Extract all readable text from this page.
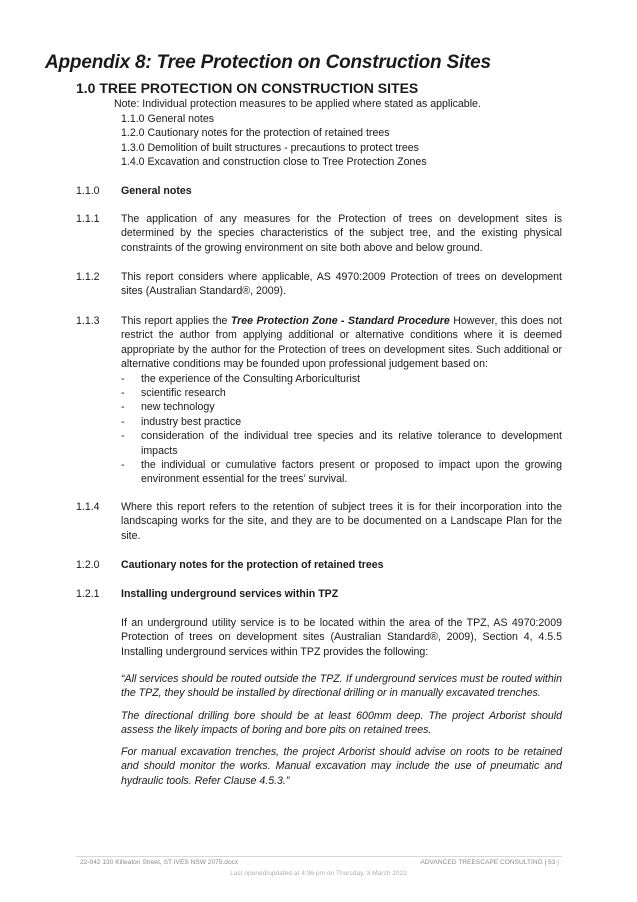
Appendix 8: Tree Protection on Construction Sites
1.0 TREE PROTECTION ON CONSTRUCTION SITES
Note: Individual protection measures to be applied where stated as applicable.
1.1.0 General notes
1.2.0 Cautionary notes for the protection of retained trees
1.3.0 Demolition of built structures - precautions to protect trees
1.4.0 Excavation and construction close to Tree Protection Zones
1.1.0	General notes
1.1.1	The application of any measures for the Protection of trees on development sites is determined by the species characteristics of the subject tree, and the existing physical constraints of the growing environment on site both above and below ground.
1.1.2	This report considers where applicable, AS 4970:2009 Protection of trees on development sites (Australian Standard®, 2009).
1.1.3	This report applies the Tree Protection Zone - Standard Procedure However, this does not restrict the author from applying additional or alternative conditions where it is deemed appropriate by the author for the Protection of trees on development sites. Such additional or alternative conditions may be founded upon professional judgement based on:
- the experience of the Consulting Arboriculturist
- scientific research
- new technology
- industry best practice
- consideration of the individual tree species and its relative tolerance to development impacts
- the individual or cumulative factors present or proposed to impact upon the growing environment essential for the trees’ survival.
1.1.4	Where this report refers to the retention of subject trees it is for their incorporation into the landscaping works for the site, and they are to be documented on a Landscape Plan for the site.
1.2.0	Cautionary notes for the protection of retained trees
1.2.1	Installing underground services within TPZ
If an underground utility service is to be located within the area of the TPZ, AS 4970:2009 Protection of trees on development sites (Australian Standard®, 2009), Section 4, 4.5.5 Installing underground services within TPZ provides the following:
“All services should be routed outside the TPZ. If underground services must be routed within the TPZ, they should be installed by directional drilling or in manually excavated trenches.
The directional drilling bore should be at least 600mm deep. The project Arborist should assess the likely impacts of boring and bore pits on retained trees.
For manual excavation trenches, the project Arborist should advise on roots to be retained and should monitor the works. Manual excavation may include the use of pneumatic and hydraulic tools. Refer Clause 4.5.3.”
22-042 130 Killeaton Street, ST IVES NSW 2075.docx	ADVANCED TREESCAPE CONSULTING | 53 |
Last opened/updated at 4:36 pm on Thursday, 3 March 2022
